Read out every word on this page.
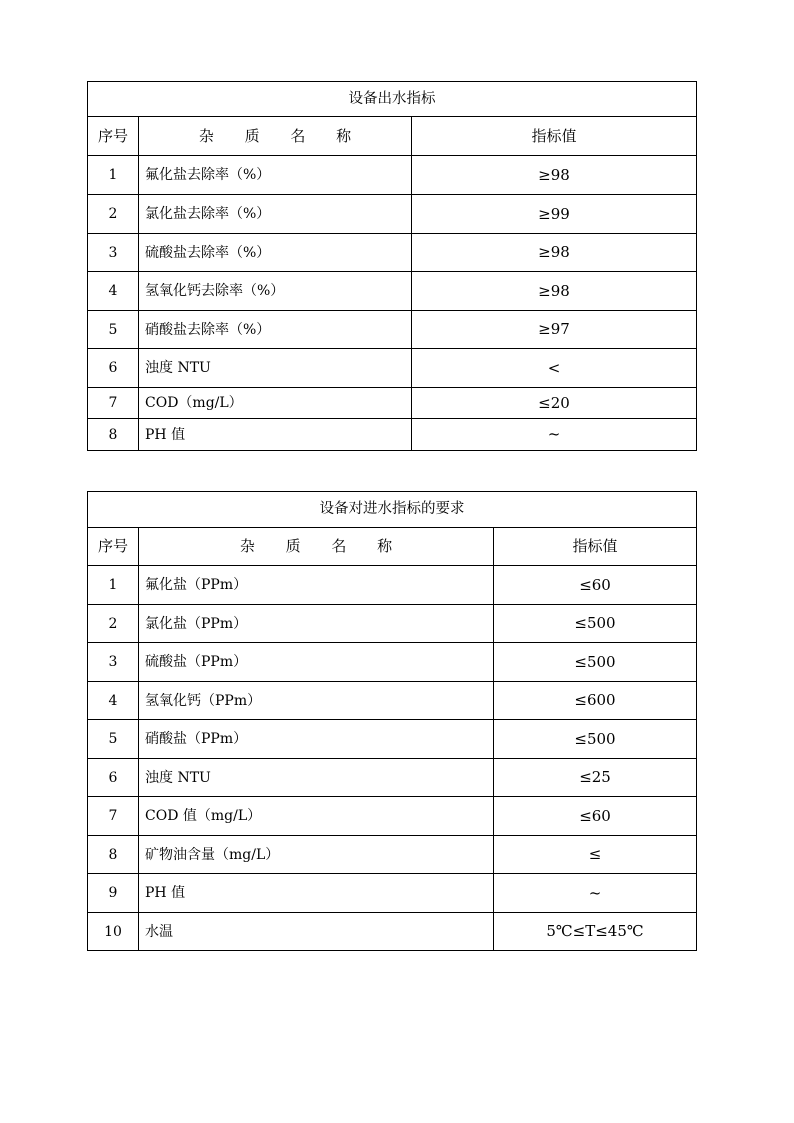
设备出水指标		
序号	杂 质 名 称	指标值
1	氟化盐去除率（%）	≥98
2	氯化盐去除率（%）	≥99
3	硫酸盐去除率（%）	≥98
4	氢氧化钙去除率（%）	≥98
5	硝酸盐去除率（%）	≥97
6	浊度 NTU	<
7	COD（mg/L）	≤20
8	PH 值	~
设备对进水指标的要求		
序号	杂 质 名 称	指标值
1	氟化盐（PPm）	≤60
2	氯化盐（PPm）	≤500
3	硫酸盐（PPm）	≤500
4	氢氧化钙（PPm）	≤600
5	硝酸盐（PPm）	≤500
6	浊度 NTU	≤25
7	COD 值（mg/L）	≤60
8	矿物油含量（mg/L）	≤
9	PH 值	~
10	水温	5℃≤T≤45℃
